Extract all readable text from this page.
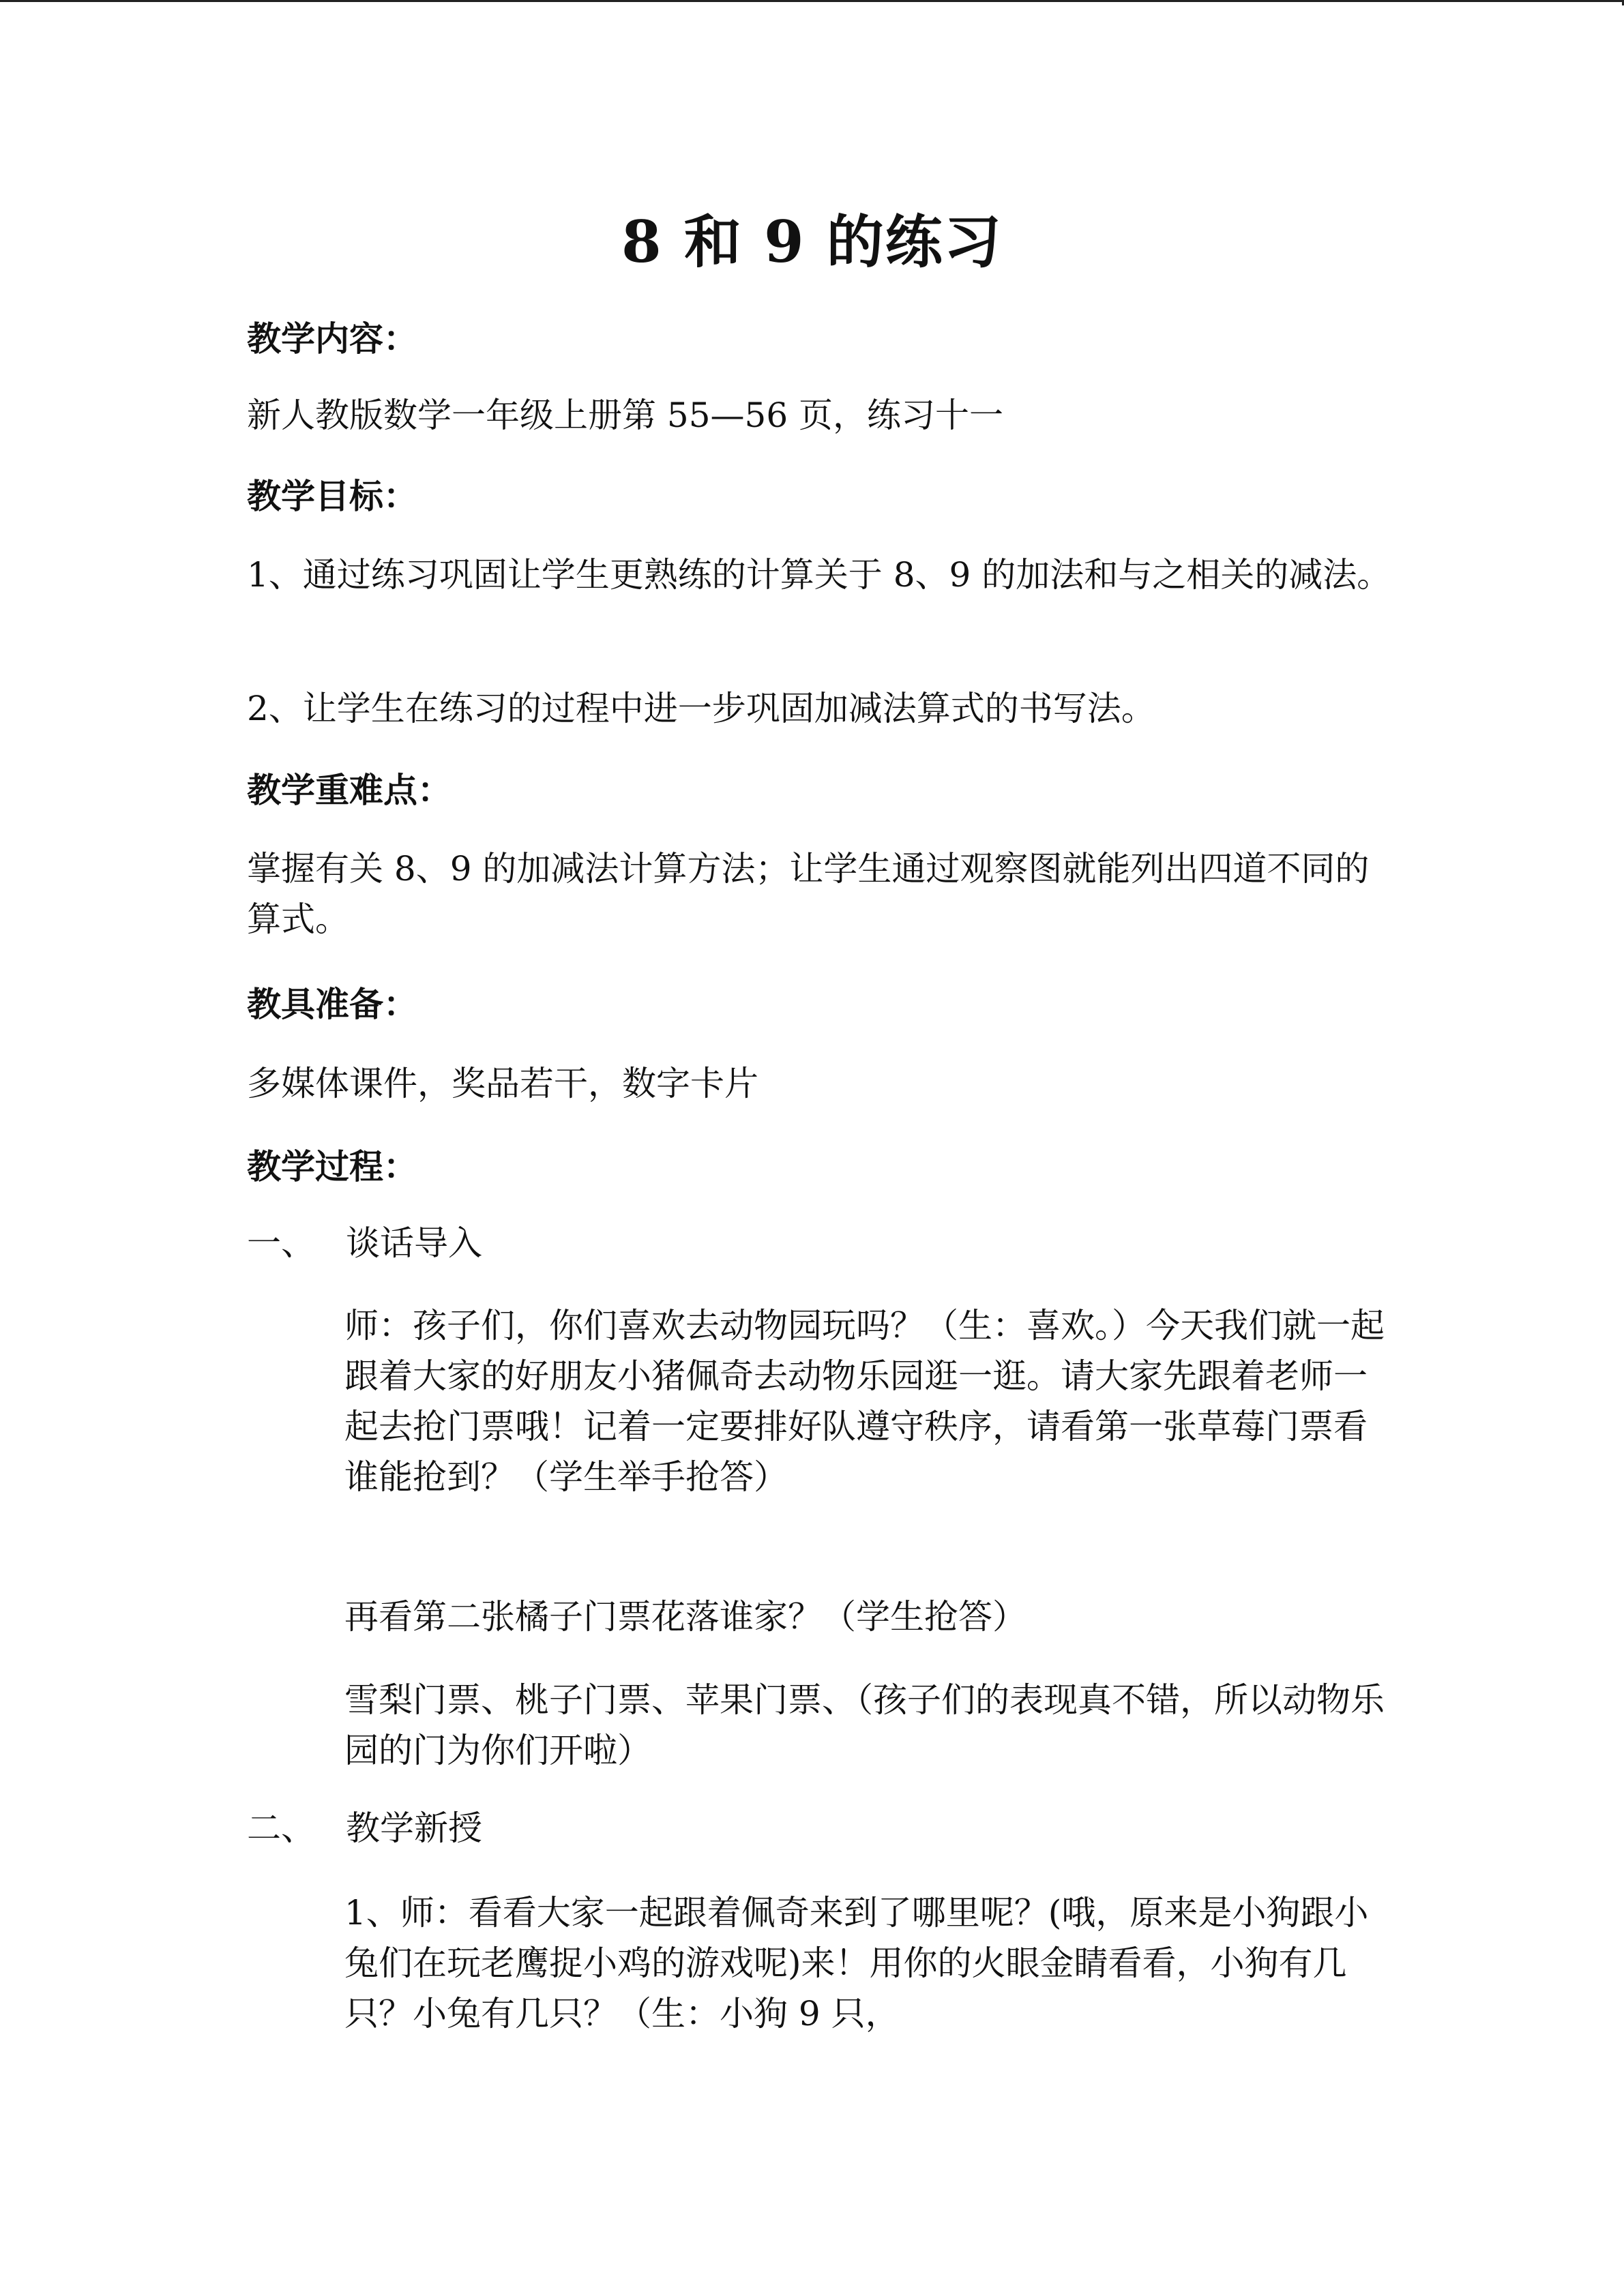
8 和 9 的练习
教学内容：
新人教版数学一年级上册第 55—56 页，练习十一
教学目标：
1、通过练习巩固让学生更熟练的计算关于 8、9 的加法和与之相关的减法。
2、让学生在练习的过程中进一步巩固加减法算式的书写法。
教学重难点：
掌握有关 8、9 的加减法计算方法；让学生通过观察图就能列出四道不同的算式。
教具准备：
多媒体课件，奖品若干，数字卡片
教学过程：
一、 谈话导入
师：孩子们，你们喜欢去动物园玩吗？（生：喜欢。）今天我们就一起跟着大家的好朋友小猪佩奇去动物乐园逛一逛。请大家先跟着老师一起去抢门票哦！记着一定要排好队遵守秩序，请看第一张草莓门票看谁能抢到？（学生举手抢答）
再看第二张橘子门票花落谁家？（学生抢答）
雪梨门票、桃子门票、苹果门票、（孩子们的表现真不错，所以动物乐园的门为你们开啦）
二、 教学新授
1、师：看看大家一起跟着佩奇来到了哪里呢？(哦，原来是小狗跟小兔们在玩老鹰捉小鸡的游戏呢)来！用你的火眼金睛看看，小狗有几只？小兔有几只？（生：小狗 9 只，
